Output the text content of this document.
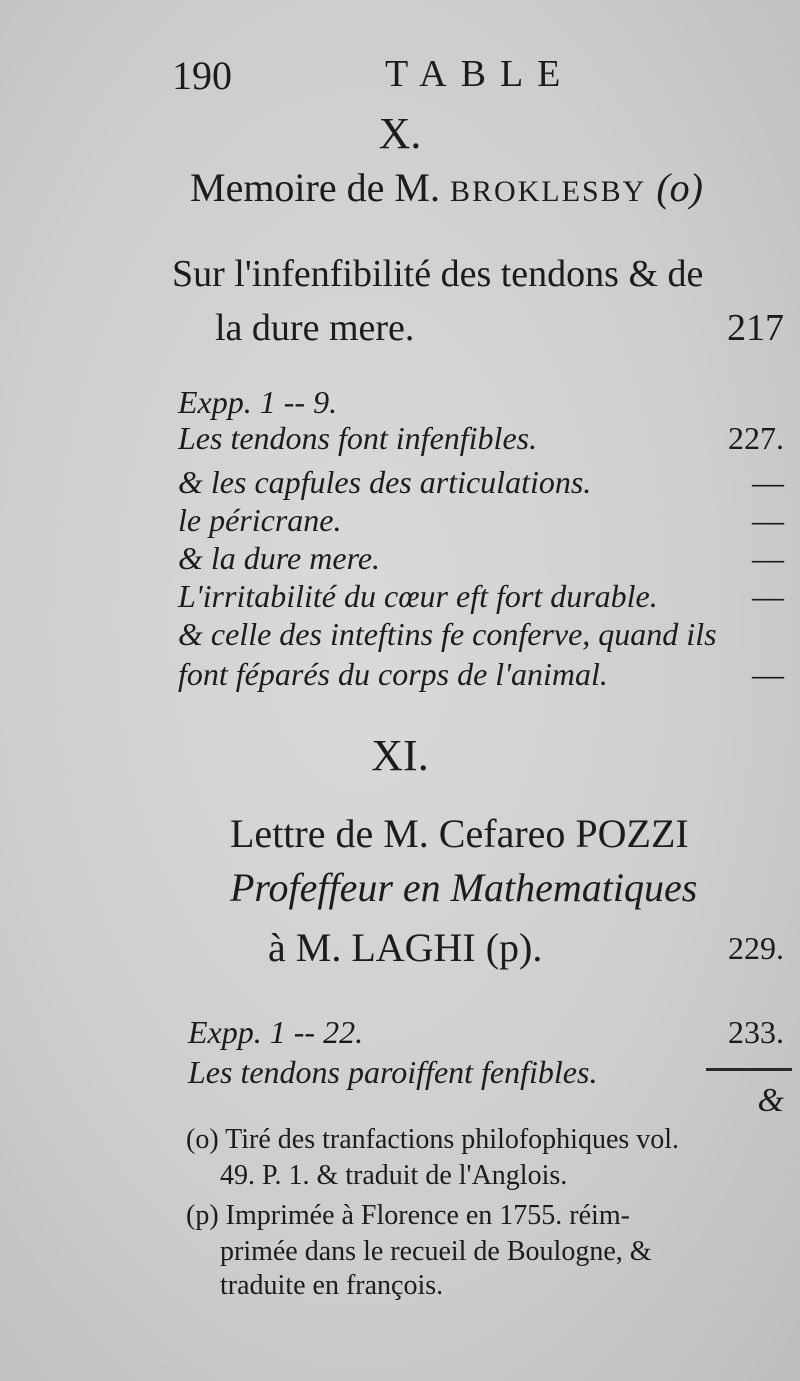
190	TABLE
X.
Memoire de M. BROKLESBY (o)
Sur l'infenfibilité des tendons & de
la dure mere.	217
Expp. 1 -- 9.
Les tendons font infenfibles.	227.
& les capfules des articulations.	—
le péricrane.	—
& la dure mere.	—
L'irritabilité du cœur eft fort durable.	—
& celle des inteftins fe conferve, quand ils
font féparés du corps de l'animal.	—
XI.
Lettre de M. Cefareo POZZI
Profeffeur en Mathematiques
à M. LAGHI (p).	229.
Expp. 1 -- 22.	233.
Les tendons paroiffent fenfibles.
&
(o) Tiré des tranfactions philofophiques vol.
49. P. 1. & traduit de l'Anglois.
(p) Imprimée à Florence en 1755. réim-
primée dans le recueil de Boulogne, &
traduite en françois.
